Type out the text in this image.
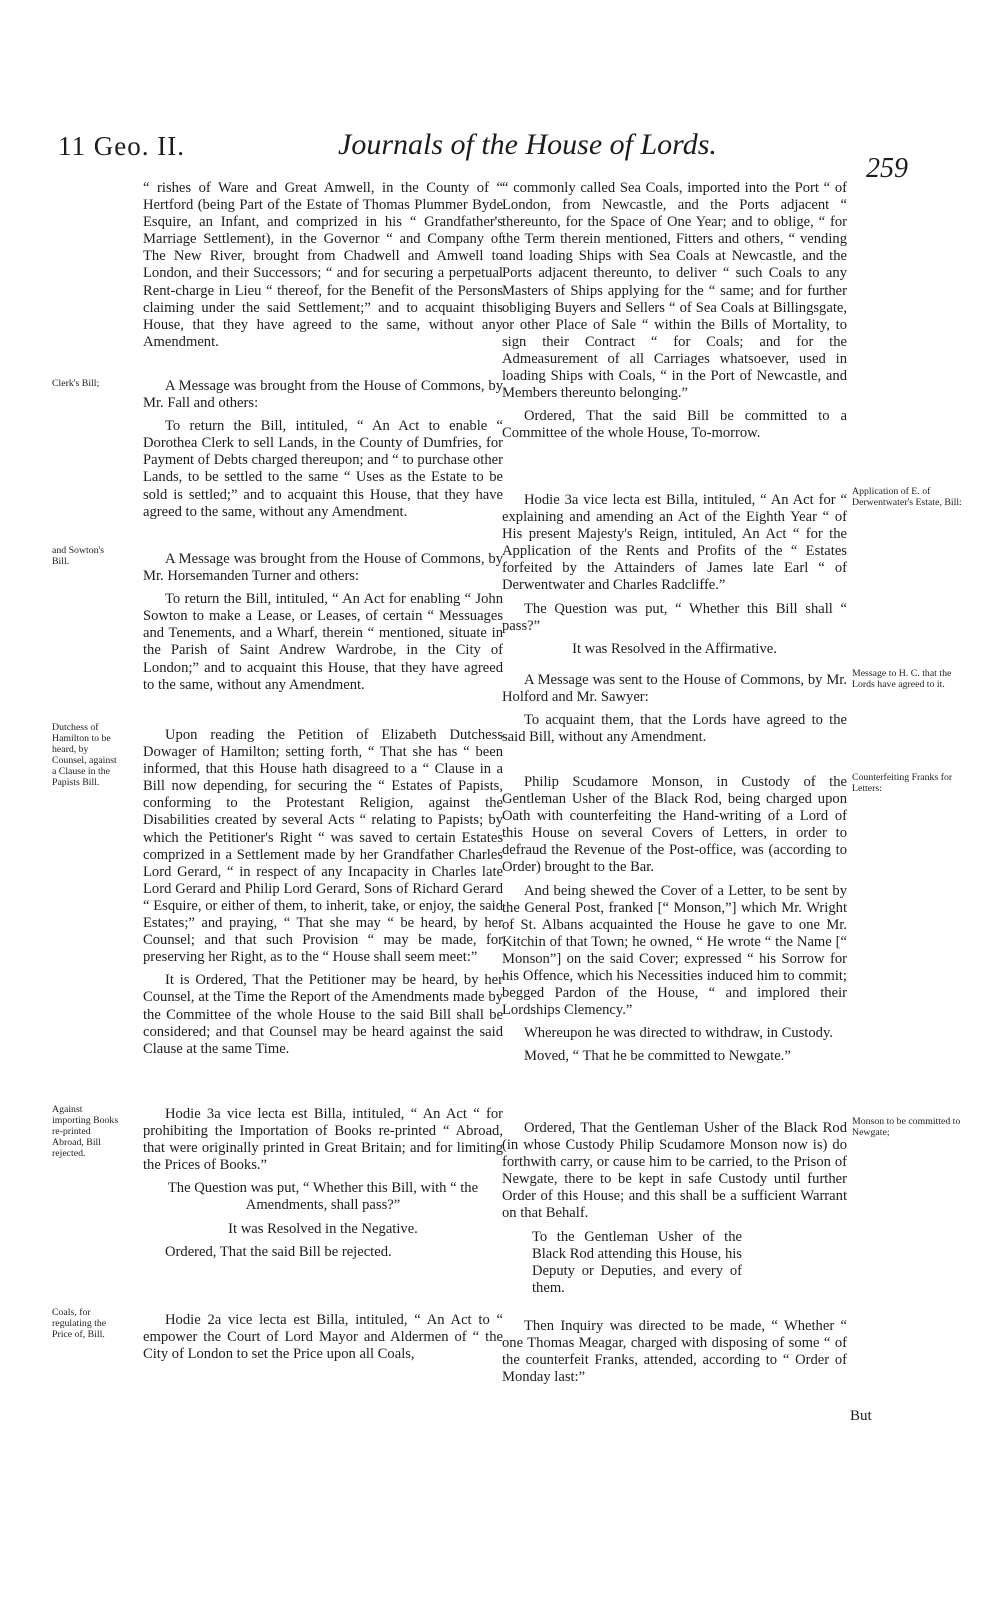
11 Geo. II.	Journals of the House of Lords.
259

“ rishes of Ware and Great Amwell, in the County of “ Hertford (being Part of the Estate of Thomas Plummer Byde Esquire, an Infant, and comprized in his “ Grandfather's Marriage Settlement), in the Governor “ and Company of The New River, brought from Chadwell and Amwell to London, and their Successors; “ and for securing a perpetual Rent-charge in Lieu “ thereof, for the Benefit of the Persons claiming under the said Settlement;” and to acquaint this House, that they have agreed to the same, without any Amendment.

A Message was brought from the House of Commons, by Mr. Fall and others:

To return the Bill, intituled, “ An Act to enable “ Dorothea Clerk to sell Lands, in the County of Dumfries, for Payment of Debts charged thereupon; and “ to purchase other Lands, to be settled to the same “ Uses as the Estate to be sold is settled;” and to acquaint this House, that they have agreed to the same, without any Amendment.

A Message was brought from the House of Commons, by Mr. Horsemanden Turner and others:

To return the Bill, intituled, “ An Act for enabling “ John Sowton to make a Lease, or Leases, of certain “ Messuages and Tenements, and a Wharf, therein “ mentioned, situate in the Parish of Saint Andrew Wardrobe, in the City of London;” and to acquaint this House, that they have agreed to the same, without any Amendment.

Upon reading the Petition of Elizabeth Dutchess Dowager of Hamilton; setting forth, “ That she has “ been informed, that this House hath disagreed to a “ Clause in a Bill now depending, for securing the “ Estates of Papists, conforming to the Protestant Religion, against the Disabilities created by several Acts “ relating to Papists; by which the Petitioner's Right “ was saved to certain Estates comprized in a Settlement made by her Grandfather Charles Lord Gerard, “ in respect of any Incapacity in Charles late Lord Gerard and Philip Lord Gerard, Sons of Richard Gerard “ Esquire, or either of them, to inherit, take, or enjoy, the said Estates;” and praying, “ That she may “ be heard, by her Counsel; and that such Provision “ may be made, for preserving her Right, as to the “ House shall seem meet:”

It is Ordered, That the Petitioner may be heard, by her Counsel, at the Time the Report of the Amendments made by the Committee of the whole House to the said Bill shall be considered; and that Counsel may be heard against the said Clause at the same Time.

Hodie 3a vice lecta est Billa, intituled, “ An Act “ for prohibiting the Importation of Books re-printed “ Abroad, that were originally printed in Great Britain; and for limiting the Prices of Books.”

The Question was put, “ Whether this Bill, with “ the Amendments, shall pass?”

It was Resolved in the Negative.

Ordered, That the said Bill be rejected.

Hodie 2a vice lecta est Billa, intituled, “ An Act to “ empower the Court of Lord Mayor and Aldermen of “ the City of London to set the Price upon all Coals,

“ commonly called Sea Coals, imported into the Port “ of London, from Newcastle, and the Ports adjacent “ thereunto, for the Space of One Year; and to oblige, “ for the Term therein mentioned, Fitters and others, “ vending and loading Ships with Sea Coals at Newcastle, and the Ports adjacent thereunto, to deliver “ such Coals to any Masters of Ships applying for the “ same; and for further obliging Buyers and Sellers “ of Sea Coals at Billingsgate, or other Place of Sale “ within the Bills of Mortality, to sign their Contract “ for Coals; and for the Admeasurement of all Carriages whatsoever, used in loading Ships with Coals, “ in the Port of Newcastle, and Members thereunto belonging.”

Ordered, That the said Bill be committed to a Committee of the whole House, To-morrow.

Hodie 3a vice lecta est Billa, intituled, “ An Act for “ explaining and amending an Act of the Eighth Year “ of His present Majesty's Reign, intituled, An Act “ for the Application of the Rents and Profits of the “ Estates forfeited by the Attainders of James late Earl “ of Derwentwater and Charles Radcliffe.”

The Question was put, “ Whether this Bill shall “ pass?”

It was Resolved in the Affirmative.

A Message was sent to the House of Commons, by Mr. Holford and Mr. Sawyer:

To acquaint them, that the Lords have agreed to the said Bill, without any Amendment.

Philip Scudamore Monson, in Custody of the Gentleman Usher of the Black Rod, being charged upon Oath with counterfeiting the Hand-writing of a Lord of this House on several Covers of Letters, in order to defraud the Revenue of the Post-office, was (according to Order) brought to the Bar.

And being shewed the Cover of a Letter, to be sent by the General Post, franked [“ Monson,”] which Mr. Wright of St. Albans acquainted the House he gave to one Mr. Kitchin of that Town; he owned, “ He wrote “ the Name [“ Monson”] on the said Cover; expressed “ his Sorrow for his Offence, which his Necessities induced him to commit; begged Pardon of the House, “ and implored their Lordships Clemency.”

Whereupon he was directed to withdraw, in Custody.

Moved, “ That he be committed to Newgate.”

Ordered, That the Gentleman Usher of the Black Rod (in whose Custody Philip Scudamore Monson now is) do forthwith carry, or cause him to be carried, to the Prison of Newgate, there to be kept in safe Custody until further Order of this House; and this shall be a sufficient Warrant on that Behalf.

To the Gentleman Usher of the Black Rod attending this House, his Deputy or Deputies, and every of them.

Then Inquiry was directed to be made, “ Whether “ one Thomas Meagar, charged with disposing of some “ of the counterfeit Franks, attended, according to “ Order of Monday last:”

Clerk's Bill;
and Sowton's Bill.
Dutchess of Hamilton to be heard, by Counsel, against a Clause in the Papists Bill.
Against importing Books re-printed Abroad, Bill rejected.
Coals, for regulating the Price of, Bill.
Application of E. of Derwentwater's Estate, Bill:
Message to H. C. that the Lords have agreed to it.
Counterfeiting Franks for Letters:
Monson to be committed to Newgate;
But
